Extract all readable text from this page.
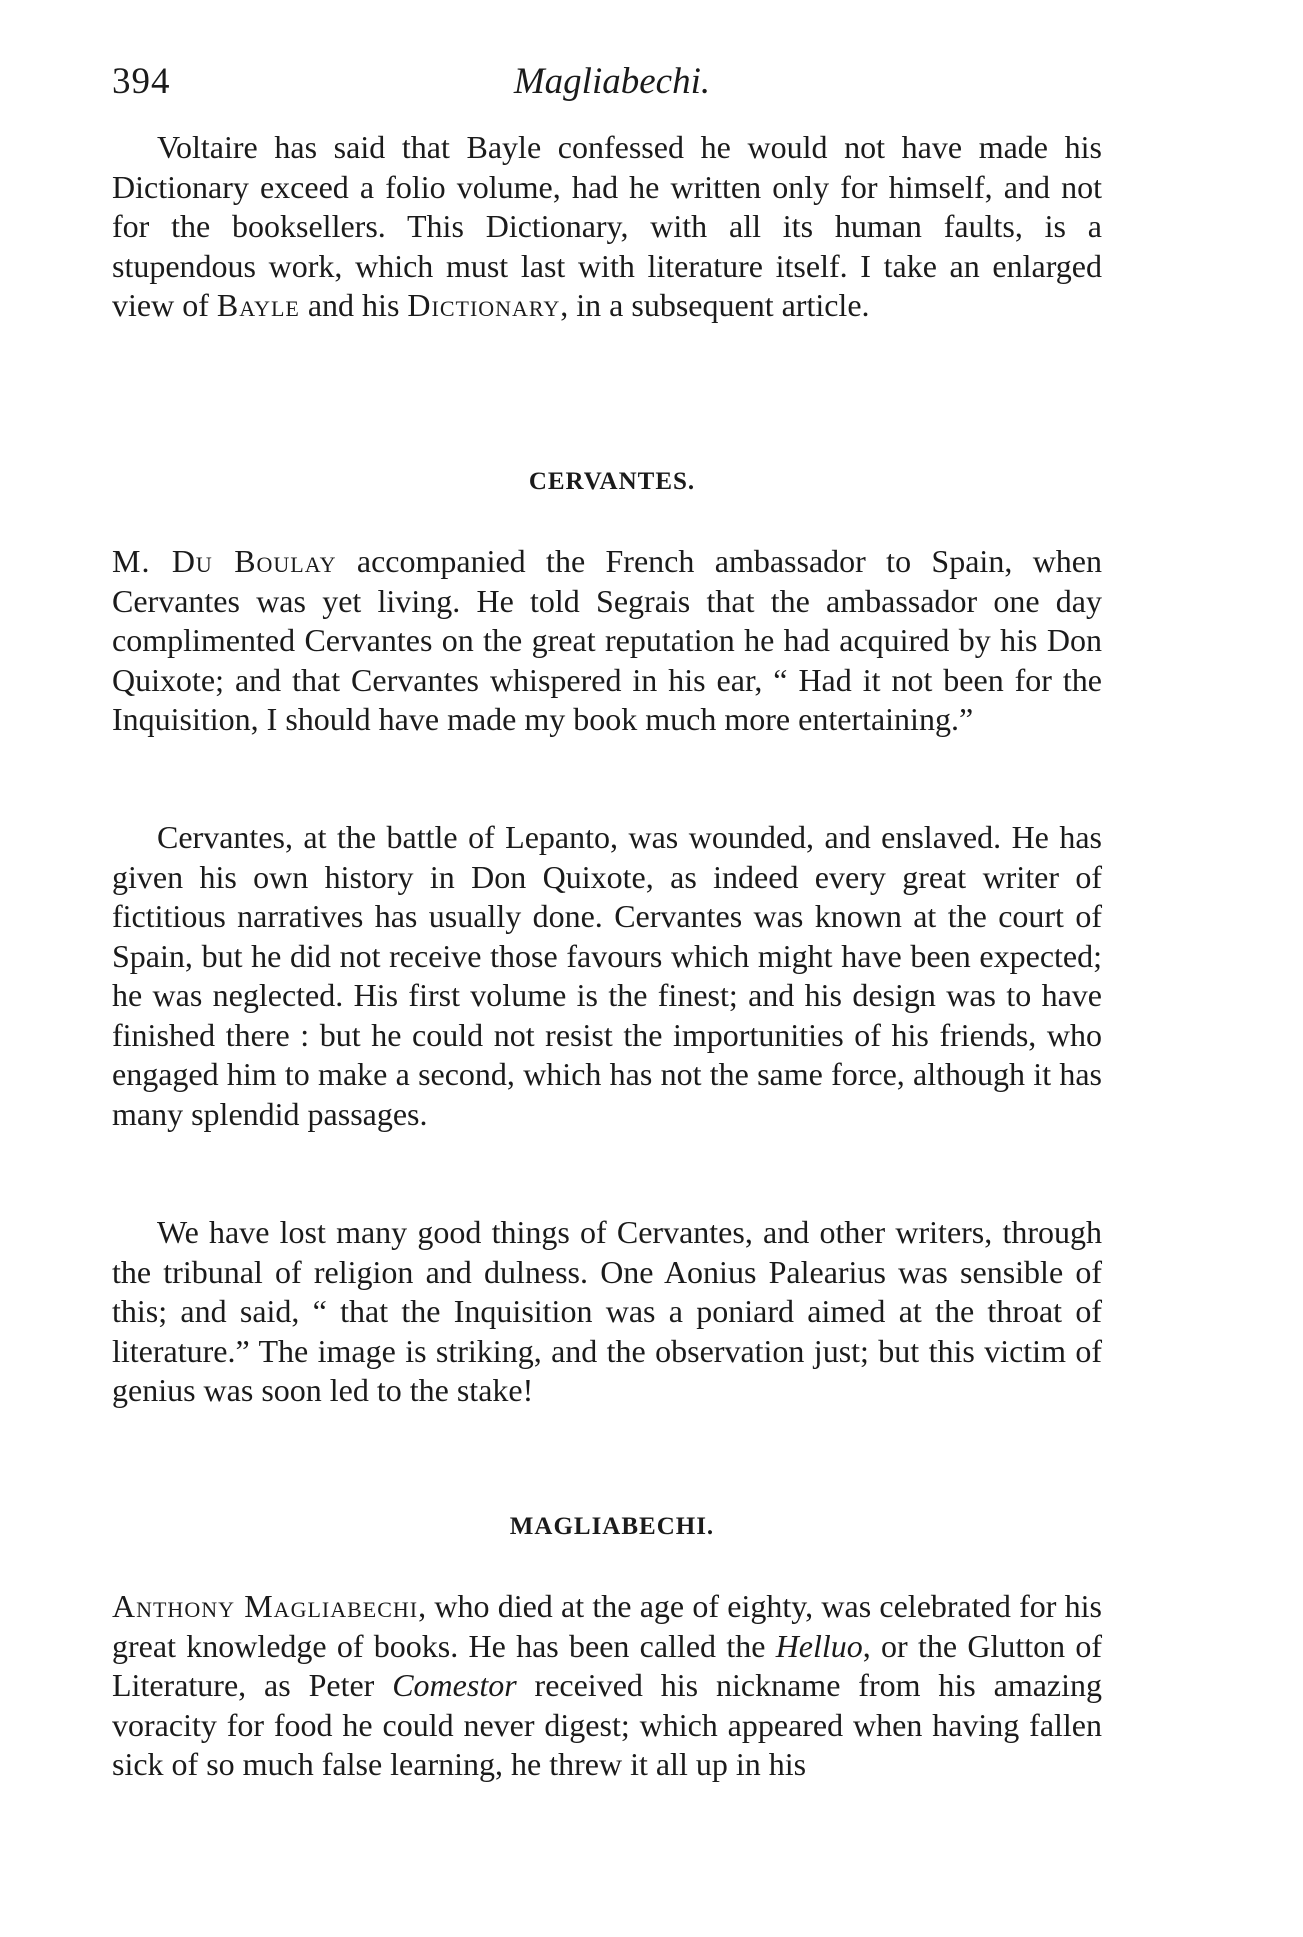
394	Magliabechi.

Voltaire has said that Bayle confessed he would not have made his Dictionary exceed a folio volume, had he written only for himself, and not for the booksellers. This Dictionary, with all its human faults, is a stupendous work, which must last with literature itself. I take an enlarged view of Bayle and his Dictionary, in a subsequent article.

CERVANTES.

M. Du Boulay accompanied the French ambassador to Spain, when Cervantes was yet living. He told Segrais that the ambassador one day complimented Cervantes on the great reputation he had acquired by his Don Quixote; and that Cervantes whispered in his ear, “ Had it not been for the Inquisition, I should have made my book much more entertaining.”

Cervantes, at the battle of Lepanto, was wounded, and enslaved. He has given his own history in Don Quixote, as indeed every great writer of fictitious narratives has usually done. Cervantes was known at the court of Spain, but he did not receive those favours which might have been expected; he was neglected. His first volume is the finest; and his design was to have finished there : but he could not resist the importunities of his friends, who engaged him to make a second, which has not the same force, although it has many splendid passages.

We have lost many good things of Cervantes, and other writers, through the tribunal of religion and dulness. One Aonius Palearius was sensible of this; and said, “ that the Inquisition was a poniard aimed at the throat of literature.” The image is striking, and the observation just; but this victim of genius was soon led to the stake!

MAGLIABECHI.

Anthony Magliabechi, who died at the age of eighty, was celebrated for his great knowledge of books. He has been called the Helluo, or the Glutton of Literature, as Peter Comestor received his nickname from his amazing voracity for food he could never digest; which appeared when having fallen sick of so much false learning, he threw it all up in his
